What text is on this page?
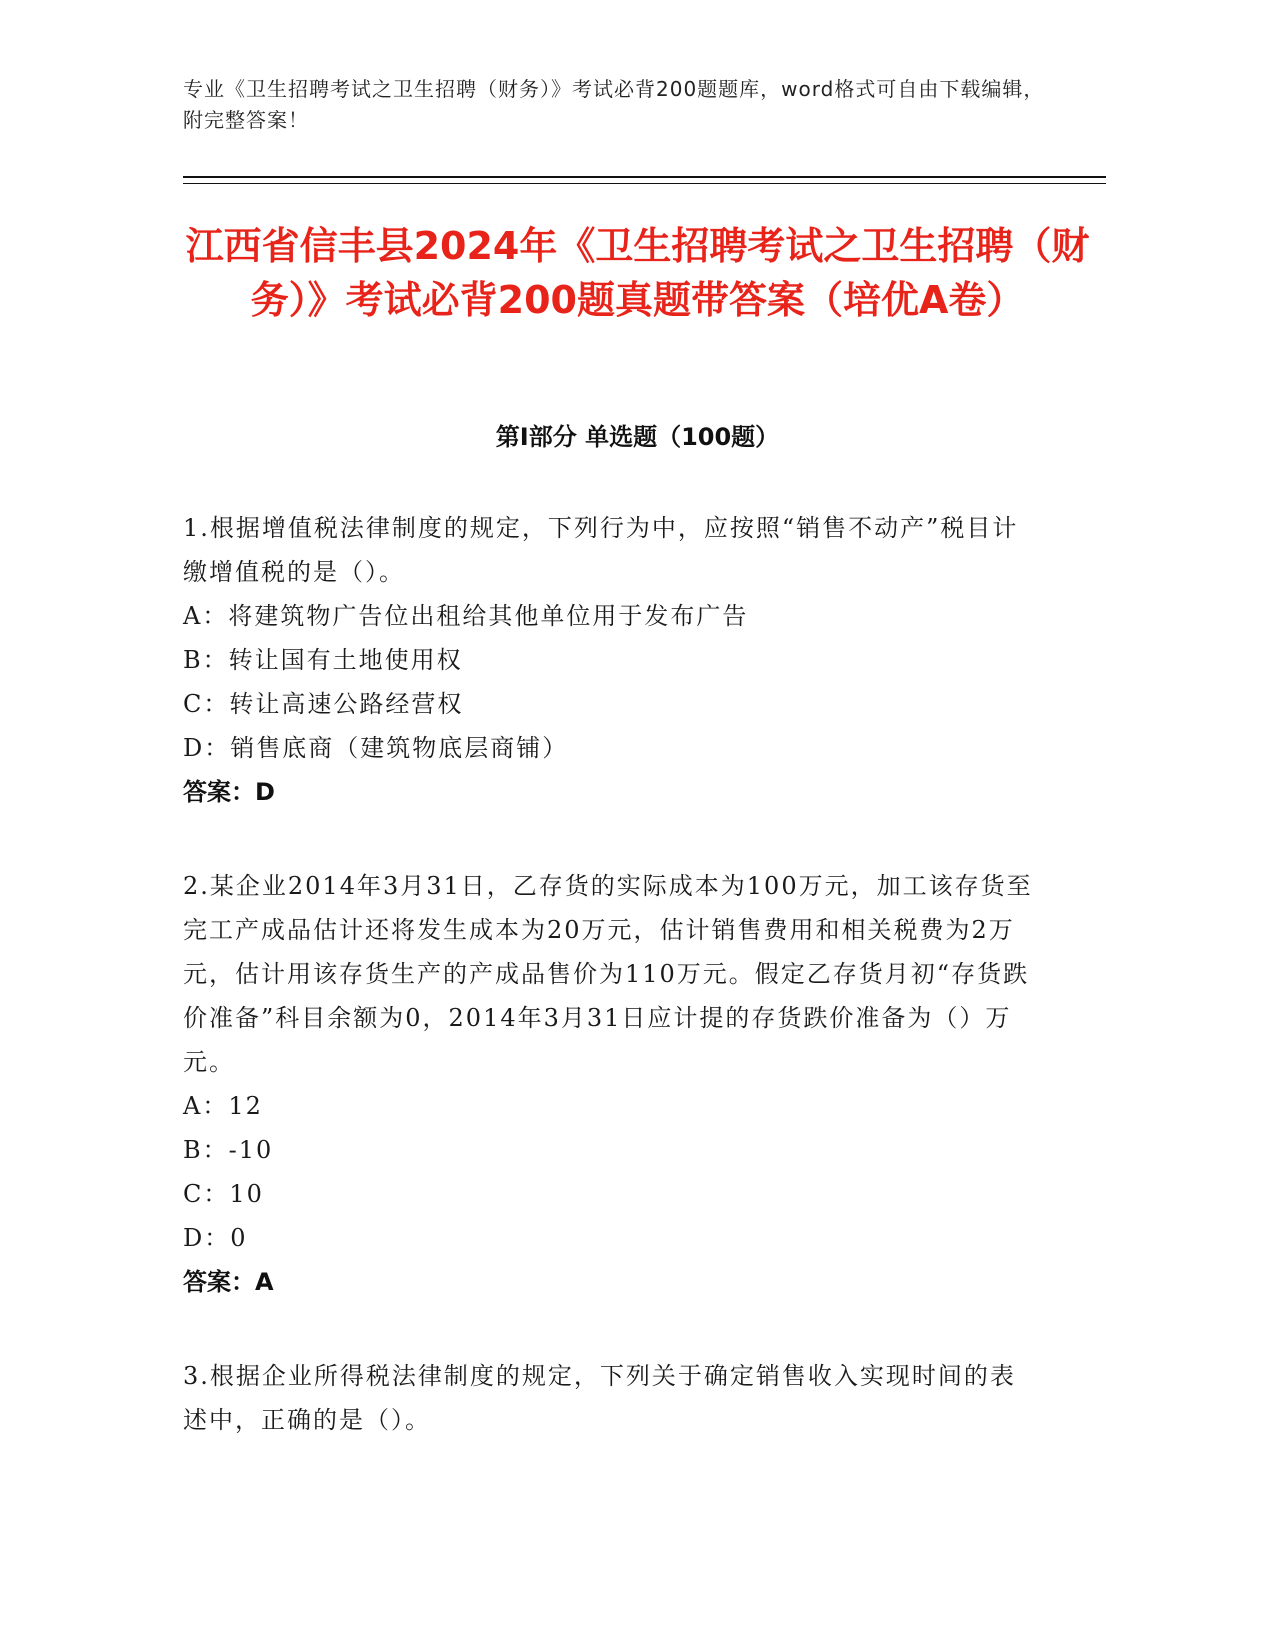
专业《卫生招聘考试之卫生招聘（财务）》考试必背200题题库，word格式可自由下载编辑，附完整答案！
江西省信丰县2024年《卫生招聘考试之卫生招聘（财务）》考试必背200题真题带答案（培优A卷）
第I部分 单选题（100题）
1.根据增值税法律制度的规定，下列行为中，应按照“销售不动产”税目计缴增值税的是（）。
A：将建筑物广告位出租给其他单位用于发布广告
B：转让国有土地使用权
C：转让高速公路经营权
D：销售底商（建筑物底层商铺）
答案：D
2.某企业2014年3月31日，乙存货的实际成本为100万元，加工该存货至完工产成品估计还将发生成本为20万元，估计销售费用和相关税费为2万元，估计用该存货生产的产成品售价为110万元。假定乙存货月初“存货跌价准备”科目余额为0，2014年3月31日应计提的存货跌价准备为（）万元。
A：12
B：-10
C：10
D：0
答案：A
3.根据企业所得税法律制度的规定，下列关于确定销售收入实现时间的表述中，正确的是（）。
